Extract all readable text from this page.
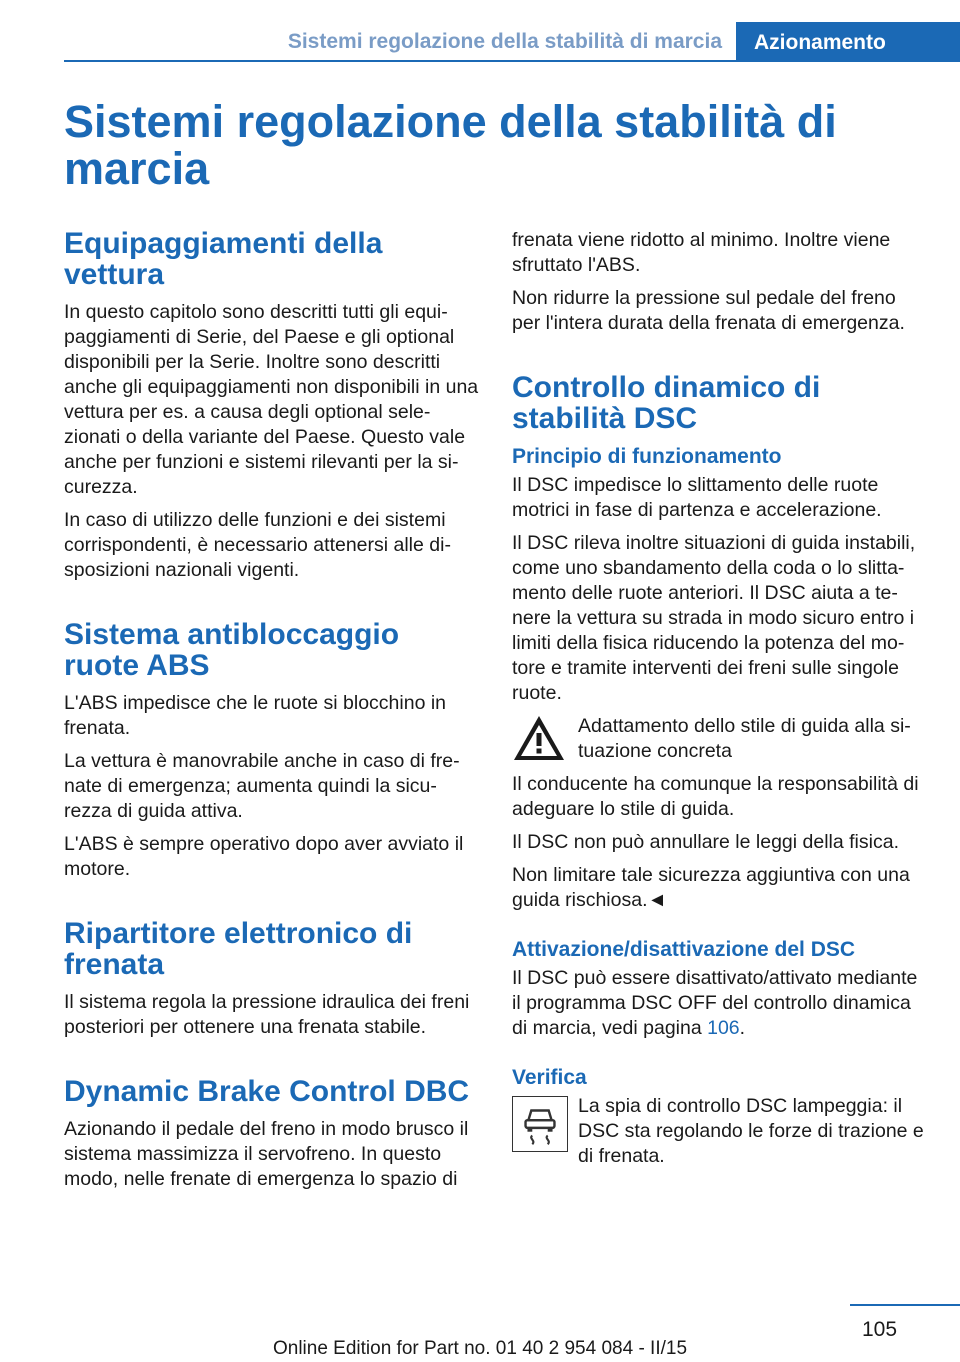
Sistemi regolazione della stabilità di marcia	Azionamento
Sistemi regolazione della stabilità di marcia
Equipaggiamenti della vettura

In questo capitolo sono descritti tutti gli equi-paggiamenti di Serie, del Paese e gli optional disponibili per la Serie. Inoltre sono descritti anche gli equipaggiamenti non disponibili in una vettura per es. a causa degli optional sele-zionati o della variante del Paese. Questo vale anche per funzioni e sistemi rilevanti per la si-curezza.

In caso di utilizzo delle funzioni e dei sistemi corrispondenti, è necessario attenersi alle di-sposizioni nazionali vigenti.

Sistema antibloccaggio ruote ABS

L'ABS impedisce che le ruote si blocchino in frenata.

La vettura è manovrabile anche in caso di fre-nate di emergenza; aumenta quindi la sicu-rezza di guida attiva.

L'ABS è sempre operativo dopo aver avviato il motore.

Ripartitore elettronico di frenata

Il sistema regola la pressione idraulica dei freni posteriori per ottenere una frenata stabile.

Dynamic Brake Control DBC

Azionando il pedale del freno in modo brusco il sistema massimizza il servofreno. In questo modo, nelle frenate di emergenza lo spazio di

frenata viene ridotto al minimo. Inoltre viene sfruttato l'ABS.

Non ridurre la pressione sul pedale del freno per l'intera durata della frenata di emergenza.

Controllo dinamico di stabilità DSC
Principio di funzionamento

Il DSC impedisce lo slittamento delle ruote motrici in fase di partenza e accelerazione.

Il DSC rileva inoltre situazioni di guida instabili, come uno sbandamento della coda o lo slitta-mento delle ruote anteriori. Il DSC aiuta a te-nere la vettura su strada in modo sicuro entro i limiti della fisica riducendo la potenza del mo-tore e tramite interventi dei freni sulle singole ruote.

Adattamento dello stile di guida alla si-tuazione concreta

Il conducente ha comunque la responsabilità di adeguare lo stile di guida.

Il DSC non può annullare le leggi della fisica.

Non limitare tale sicurezza aggiuntiva con una guida rischiosa.◄

Attivazione/disattivazione del DSC

Il DSC può essere disattivato/attivato mediante il programma DSC OFF del controllo dinamica di marcia, vedi pagina 106.

Verifica

La spia di controllo DSC lampeggia: il DSC sta regolando le forze di trazione e di frenata.

105
Online Edition for Part no. 01 40 2 954 084 - II/15
